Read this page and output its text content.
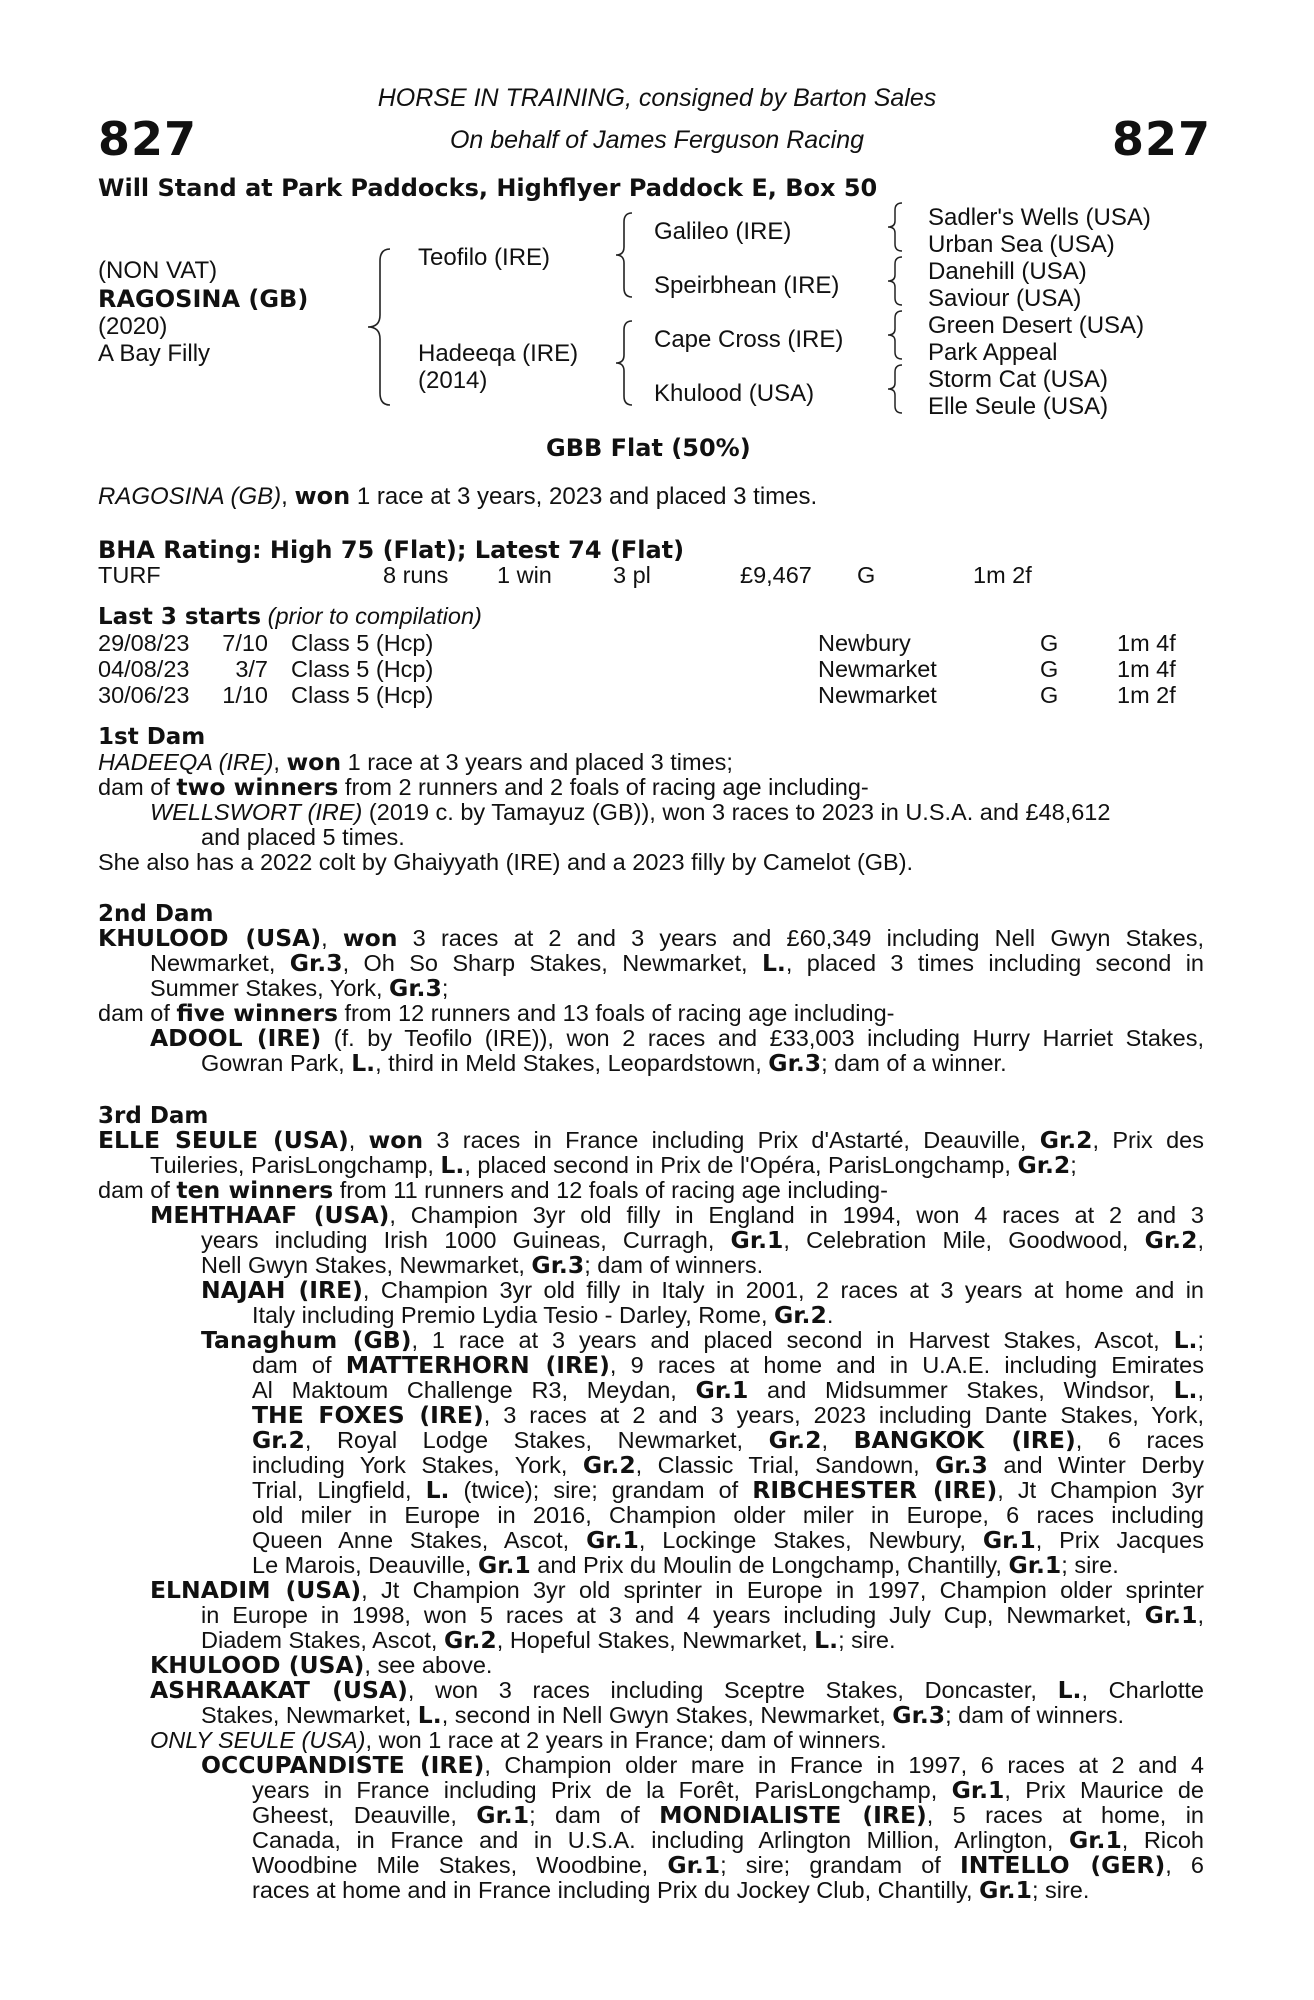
827	827
HORSE IN TRAINING, consigned by Barton Sales
On behalf of James Ferguson Racing
Will Stand at Park Paddocks, Highflyer Paddock E, Box 50
(NON VAT)
RAGOSINA (GB)
(2020)
A Bay Filly
Teofilo (IRE)
Hadeeqa (IRE)
(2014)
Galileo (IRE)
Speirbhean (IRE)
Cape Cross (IRE)
Khulood (USA)
Sadler's Wells (USA)
Urban Sea (USA)
Danehill (USA)
Saviour (USA)
Green Desert (USA)
Park Appeal
Storm Cat (USA)
Elle Seule (USA)
GBB Flat (50%)
RAGOSINA (GB), won 1 race at 3 years, 2023 and placed 3 times.
BHA Rating: High 75 (Flat); Latest 74 (Flat)
TURF	8 runs 1 win	3 pl	£9,467 G	1m 2f
Last 3 starts (prior to compilation)
29/08/23 7/10 Class 5 (Hcp)	Newbury	G 1m 4f
04/08/23	3/7 Class 5 (Hcp)	Newmarket	G 1m 4f
30/06/23 1/10 Class 5 (Hcp)	Newmarket	G 1m 2f
1st Dam
HADEEQA (IRE), won 1 race at 3 years and placed 3 times;
dam of two winners from 2 runners and 2 foals of racing age including-
WELLSWORT (IRE) (2019 c. by Tamayuz (GB)), won 3 races to 2023 in U.S.A. and £48,612
and placed 5 times.
She also has a 2022 colt by Ghaiyyath (IRE) and a 2023 filly by Camelot (GB).
2nd Dam
KHULOOD (USA), won 3 races at 2 and 3 years and £60,349 including Nell Gwyn Stakes,
Newmarket, Gr.3, Oh So Sharp Stakes, Newmarket, L., placed 3 times including second in
Summer Stakes, York, Gr.3;
dam of five winners from 12 runners and 13 foals of racing age including-
ADOOL (IRE) (f. by Teofilo (IRE)), won 2 races and £33,003 including Hurry Harriet Stakes,
Gowran Park, L., third in Meld Stakes, Leopardstown, Gr.3; dam of a winner.
3rd Dam
ELLE SEULE (USA), won 3 races in France including Prix d'Astarté, Deauville, Gr.2, Prix des
Tuileries, ParisLongchamp, L., placed second in Prix de l'Opéra, ParisLongchamp, Gr.2;
dam of ten winners from 11 runners and 12 foals of racing age including-
MEHTHAAF (USA), Champion 3yr old filly in England in 1994, won 4 races at 2 and 3
years including Irish 1000 Guineas, Curragh, Gr.1, Celebration Mile, Goodwood, Gr.2,
Nell Gwyn Stakes, Newmarket, Gr.3; dam of winners.
NAJAH (IRE), Champion 3yr old filly in Italy in 2001, 2 races at 3 years at home and in
Italy including Premio Lydia Tesio - Darley, Rome, Gr.2.
Tanaghum (GB), 1 race at 3 years and placed second in Harvest Stakes, Ascot, L.;
dam of MATTERHORN (IRE), 9 races at home and in U.A.E. including Emirates
Al Maktoum Challenge R3, Meydan, Gr.1 and Midsummer Stakes, Windsor, L.,
THE FOXES (IRE), 3 races at 2 and 3 years, 2023 including Dante Stakes, York,
Gr.2, Royal Lodge Stakes, Newmarket, Gr.2, BANGKOK (IRE), 6 races
including York Stakes, York, Gr.2, Classic Trial, Sandown, Gr.3 and Winter Derby
Trial, Lingfield, L. (twice); sire; grandam of RIBCHESTER (IRE), Jt Champion 3yr
old miler in Europe in 2016, Champion older miler in Europe, 6 races including
Queen Anne Stakes, Ascot, Gr.1, Lockinge Stakes, Newbury, Gr.1, Prix Jacques
Le Marois, Deauville, Gr.1 and Prix du Moulin de Longchamp, Chantilly, Gr.1; sire.
ELNADIM (USA), Jt Champion 3yr old sprinter in Europe in 1997, Champion older sprinter
in Europe in 1998, won 5 races at 3 and 4 years including July Cup, Newmarket, Gr.1,
Diadem Stakes, Ascot, Gr.2, Hopeful Stakes, Newmarket, L.; sire.
KHULOOD (USA), see above.
ASHRAAKAT (USA), won 3 races including Sceptre Stakes, Doncaster, L., Charlotte
Stakes, Newmarket, L., second in Nell Gwyn Stakes, Newmarket, Gr.3; dam of winners.
ONLY SEULE (USA), won 1 race at 2 years in France; dam of winners.
OCCUPANDISTE (IRE), Champion older mare in France in 1997, 6 races at 2 and 4
years in France including Prix de la Forêt, ParisLongchamp, Gr.1, Prix Maurice de
Gheest, Deauville, Gr.1; dam of MONDIALISTE (IRE), 5 races at home, in
Canada, in France and in U.S.A. including Arlington Million, Arlington, Gr.1, Ricoh
Woodbine Mile Stakes, Woodbine, Gr.1; sire; grandam of INTELLO (GER), 6
races at home and in France including Prix du Jockey Club, Chantilly, Gr.1; sire.
